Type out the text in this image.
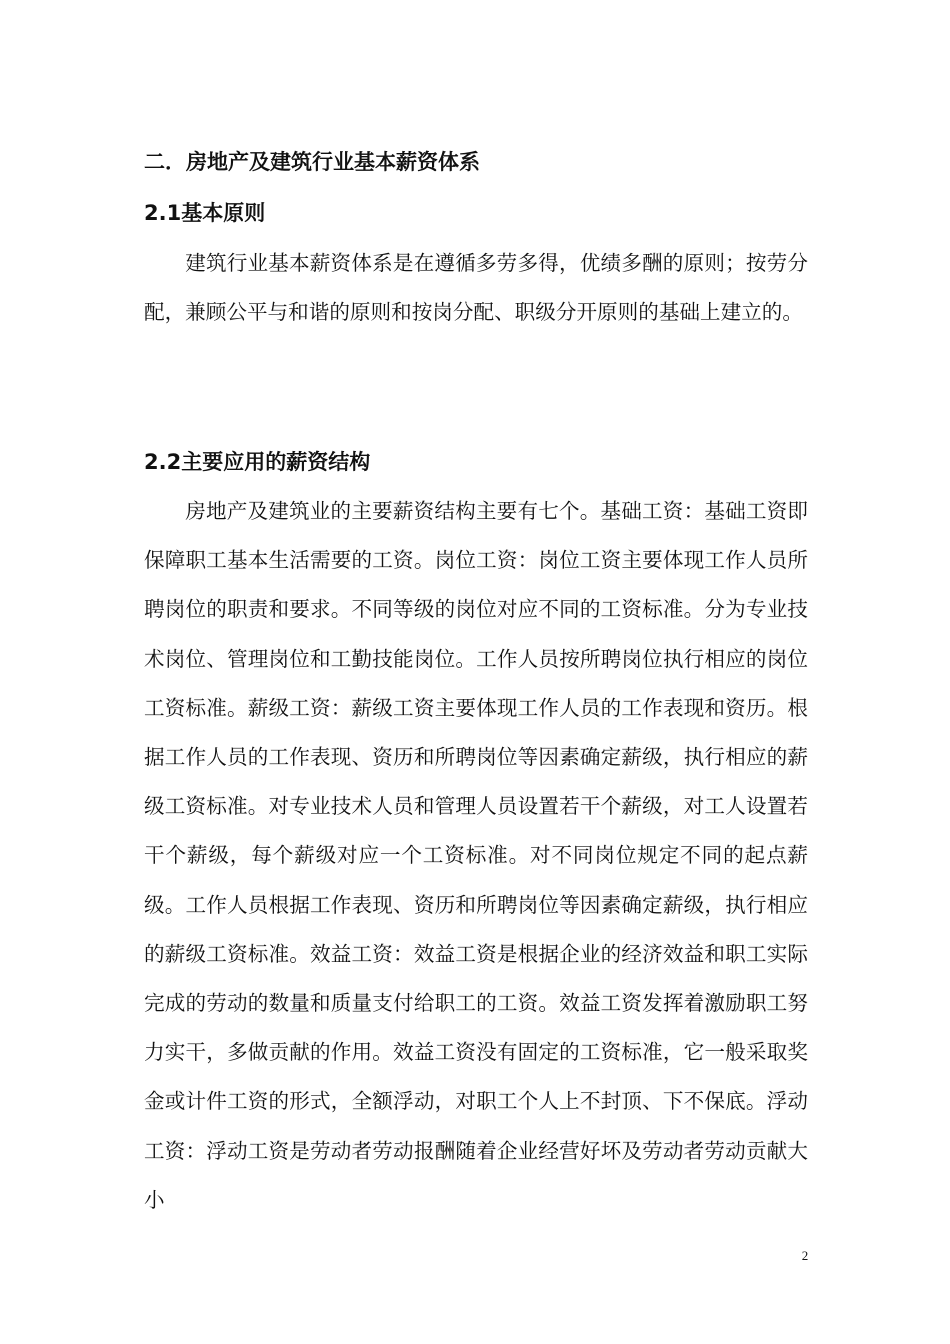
二．房地产及建筑行业基本薪资体系
2.1基本原则

建筑行业基本薪资体系是在遵循多劳多得，优绩多酬的原则；按劳分配，兼顾公平与和谐的原则和按岗分配、职级分开原则的基础上建立的。

2.2主要应用的薪资结构

房地产及建筑业的主要薪资结构主要有七个。基础工资：基础工资即保障职工基本生活需要的工资。岗位工资：岗位工资主要体现工作人员所聘岗位的职责和要求。不同等级的岗位对应不同的工资标准。分为专业技术岗位、管理岗位和工勤技能岗位。工作人员按所聘岗位执行相应的岗位工资标准。薪级工资：薪级工资主要体现工作人员的工作表现和资历。根据工作人员的工作表现、资历和所聘岗位等因素确定薪级，执行相应的薪级工资标准。对专业技术人员和管理人员设置若干个薪级，对工人设置若干个薪级，每个薪级对应一个工资标准。对不同岗位规定不同的起点薪级。工作人员根据工作表现、资历和所聘岗位等因素确定薪级，执行相应的薪级工资标准。效益工资：效益工资是根据企业的经济效益和职工实际完成的劳动的数量和质量支付给职工的工资。效益工资发挥着激励职工努力实干，多做贡献的作用。效益工资没有固定的工资标准，它一般采取奖金或计件工资的形式，全额浮动，对职工个人上不封顶、下不保底。浮动工资：浮动工资是劳动者劳动报酬随着企业经营好坏及劳动者劳动贡献大小

2
